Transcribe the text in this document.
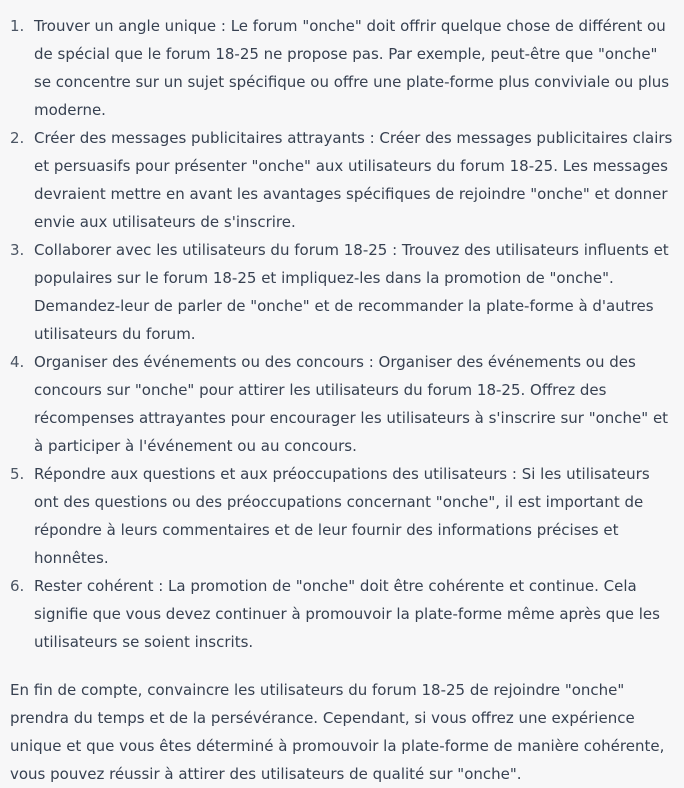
1. Trouver un angle unique : Le forum "onche" doit offrir quelque chose de différent ou de spécial que le forum 18-25 ne propose pas. Par exemple, peut-être que "onche" se concentre sur un sujet spécifique ou offre une plate-forme plus conviviale ou plus moderne.
2. Créer des messages publicitaires attrayants : Créer des messages publicitaires clairs et persuasifs pour présenter "onche" aux utilisateurs du forum 18-25. Les messages devraient mettre en avant les avantages spécifiques de rejoindre "onche" et donner envie aux utilisateurs de s'inscrire.
3. Collaborer avec les utilisateurs du forum 18-25 : Trouvez des utilisateurs influents et populaires sur le forum 18-25 et impliquez-les dans la promotion de "onche". Demandez-leur de parler de "onche" et de recommander la plate-forme à d'autres utilisateurs du forum.
4. Organiser des événements ou des concours : Organiser des événements ou des concours sur "onche" pour attirer les utilisateurs du forum 18-25. Offrez des récompenses attrayantes pour encourager les utilisateurs à s'inscrire sur "onche" et à participer à l'événement ou au concours.
5. Répondre aux questions et aux préoccupations des utilisateurs : Si les utilisateurs ont des questions ou des préoccupations concernant "onche", il est important de répondre à leurs commentaires et de leur fournir des informations précises et honnêtes.
6. Rester cohérent : La promotion de "onche" doit être cohérente et continue. Cela signifie que vous devez continuer à promouvoir la plate-forme même après que les utilisateurs se soient inscrits.

En fin de compte, convaincre les utilisateurs du forum 18-25 de rejoindre "onche" prendra du temps et de la persévérance. Cependant, si vous offrez une expérience unique et que vous êtes déterminé à promouvoir la plate-forme de manière cohérente, vous pouvez réussir à attirer des utilisateurs de qualité sur "onche".
